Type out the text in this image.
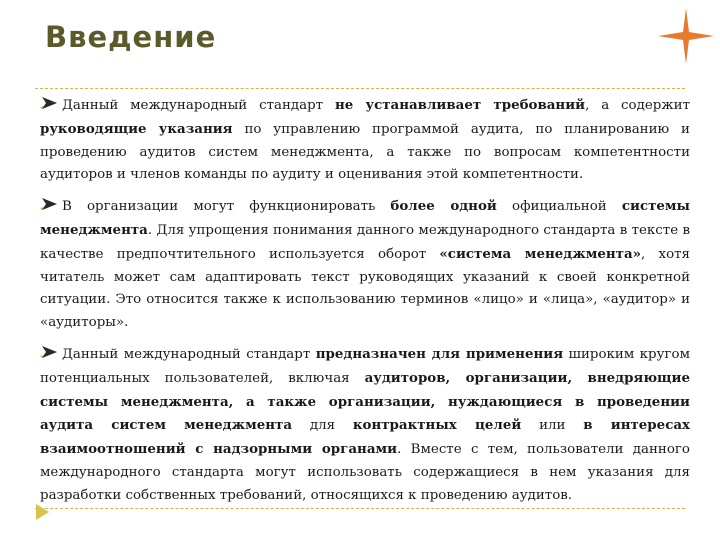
Введение

Данный международный стандарт не устанавливает требований, а содержит руководящие указания по управлению программой аудита, по планированию и проведению аудитов систем менеджмента, а также по вопросам компетентности аудиторов и членов команды по аудиту и оценивания этой компетентности.

В организации могут функционировать более одной официальной системы менеджмента. Для упрощения понимания данного международного стандарта в тексте в качестве предпочтительного используется оборот «система менеджмента», хотя читатель может сам адаптировать текст руководящих указаний к своей конкретной ситуации. Это относится также к использованию терминов «лицо» и «лица», «аудитор» и «аудиторы».

Данный международный стандарт предназначен для применения широким кругом потенциальных пользователей, включая аудиторов, организации, внедряющие системы менеджмента, а также организации, нуждающиеся в проведении аудита систем менеджмента для контрактных целей или в интересах взаимоотношений с надзорными органами. Вместе с тем, пользователи данного международного стандарта могут использовать содержащиеся в нем указания для разработки собственных требований, относящихся к проведению аудитов.
